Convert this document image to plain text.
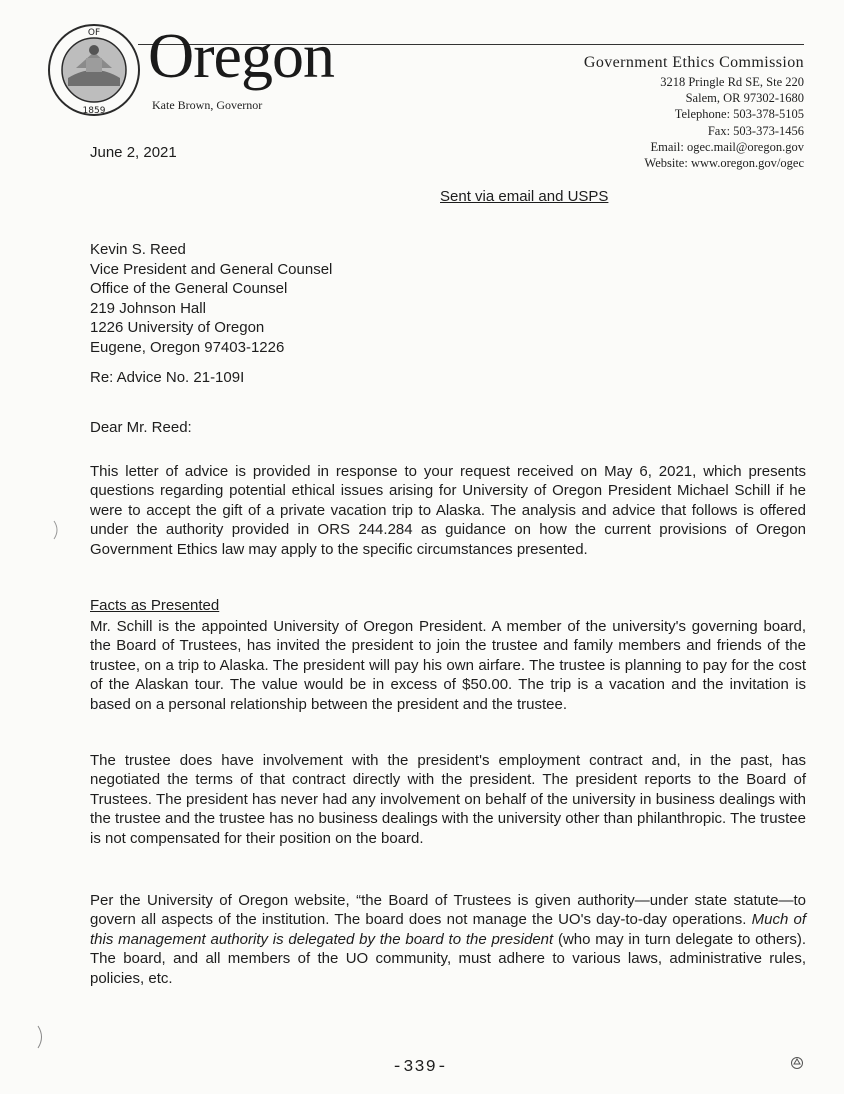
OF
1859
Oregon
Kate Brown, Governor
Government Ethics Commission
3218 Pringle Rd SE, Ste 220
Salem, OR 97302-1680
Telephone: 503-378-5105
Fax: 503-373-1456
Email: ogec.mail@oregon.gov
Website: www.oregon.gov/ogec
June 2, 2021
Sent via email and USPS
Kevin S. Reed
Vice President and General Counsel
Office of the General Counsel
219 Johnson Hall
1226 University of Oregon
Eugene, Oregon 97403-1226
Re: Advice No. 21-109I
Dear Mr. Reed:

This letter of advice is provided in response to your request received on May 6, 2021, which presents questions regarding potential ethical issues arising for University of Oregon President Michael Schill if he were to accept the gift of a private vacation trip to Alaska. The analysis and advice that follows is offered under the authority provided in ORS 244.284 as guidance on how the current provisions of Oregon Government Ethics law may apply to the specific circumstances presented.

Facts as Presented

Mr. Schill is the appointed University of Oregon President. A member of the university's governing board, the Board of Trustees, has invited the president to join the trustee and family members and friends of the trustee, on a trip to Alaska. The president will pay his own airfare. The trustee is planning to pay for the cost of the Alaskan tour. The value would be in excess of $50.00. The trip is a vacation and the invitation is based on a personal relationship between the president and the trustee.

The trustee does have involvement with the president's employment contract and, in the past, has negotiated the terms of that contract directly with the president. The president reports to the Board of Trustees. The president has never had any involvement on behalf of the university in business dealings with the trustee and the trustee has no business dealings with the university other than philanthropic. The trustee is not compensated for their position on the board.

Per the University of Oregon website, “the Board of Trustees is given authority—under state statute—to govern all aspects of the institution. The board does not manage the UO's day-to-day operations. Much of this management authority is delegated by the board to the president (who may in turn delegate to others). The board, and all members of the UO community, must adhere to various laws, administrative rules, policies, etc.

-339-
